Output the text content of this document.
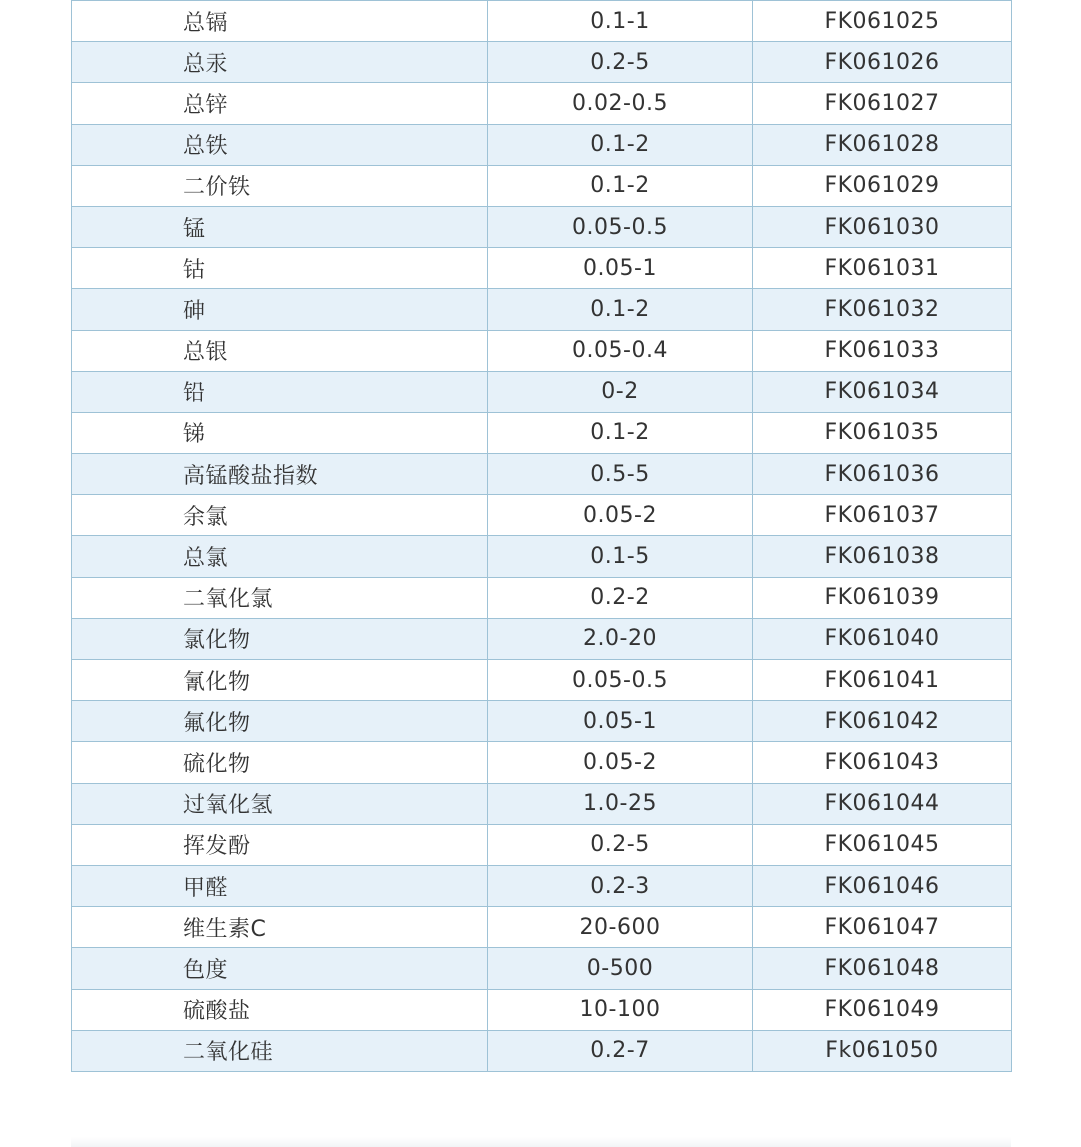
总镉	0.1-1	FK061025
总汞	0.2-5	FK061026
总锌	0.02-0.5	FK061027
总铁	0.1-2	FK061028
二价铁	0.1-2	FK061029
锰	0.05-0.5	FK061030
钴	0.05-1	FK061031
砷	0.1-2	FK061032
总银	0.05-0.4	FK061033
铅	0-2	FK061034
锑	0.1-2	FK061035
高锰酸盐指数	0.5-5	FK061036
余氯	0.05-2	FK061037
总氯	0.1-5	FK061038
二氧化氯	0.2-2	FK061039
氯化物	2.0-20	FK061040
氰化物	0.05-0.5	FK061041
氟化物	0.05-1	FK061042
硫化物	0.05-2	FK061043
过氧化氢	1.0-25	FK061044
挥发酚	0.2-5	FK061045
甲醛	0.2-3	FK061046
维生素C	20-600	FK061047
色度	0-500	FK061048
硫酸盐	10-100	FK061049
二氧化硅	0.2-7	Fk061050
